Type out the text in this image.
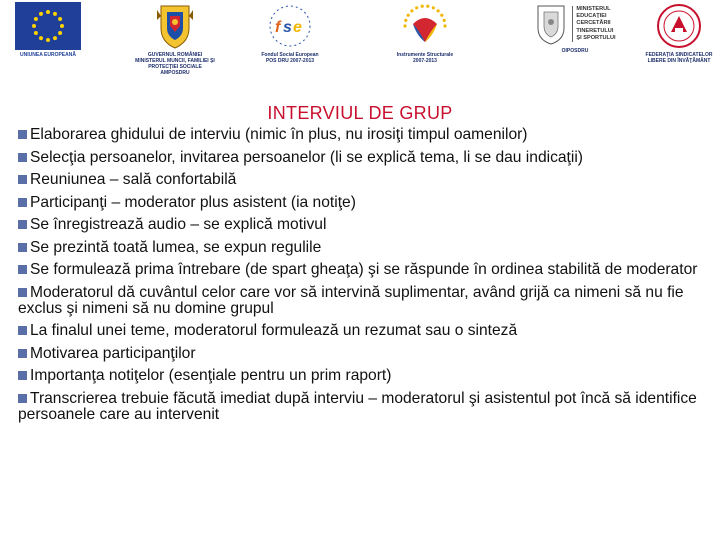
UNIUNEA EUROPEANĂ	GUVERNUL ROMÂNIEI
MINISTERUL MUNCII, FAMILIEI ŞI
PROTECŢIEI SOCIALE
AMPOSDRU
f s e
Fondul Social European
POS DRU 2007-2013
Instrumente Structurale
2007-2013
MINISTERUL
EDUCAŢIEI
CERCETĂRII
TINERETULUI
ŞI SPORTULUI
OIPOSDRU
FEDERAŢIA SINDICATELOR
LIBERE DIN ÎNVĂŢĂMÂNT
INTERVIUL DE GRUP
Elaborarea ghidului de interviu (nimic în plus, nu irosiţi timpul oamenilor)
Selecţia persoanelor, invitarea persoanelor (li se explică tema, li se dau indicaţii)
Reuniunea – sală confortabilă
Participanţi – moderator plus asistent (ia notiţe)
Se înregistrează audio – se explică motivul
Se prezintă toată lumea, se expun regulile
Se formulează prima întrebare (de spart gheaţa) şi se răspunde în ordinea stabilită de moderator
Moderatorul dă cuvântul celor care vor să intervină suplimentar, având grijă ca nimeni să nu fie exclus şi nimeni să nu domine grupul
La finalul unei teme, moderatorul formulează un rezumat sau o sinteză
Motivarea participanţilor
Importanţa notiţelor (esenţiale pentru un prim raport)
Transcrierea trebuie făcută imediat după interviu – moderatorul şi asistentul pot încă să identifice persoanele care au intervenit
